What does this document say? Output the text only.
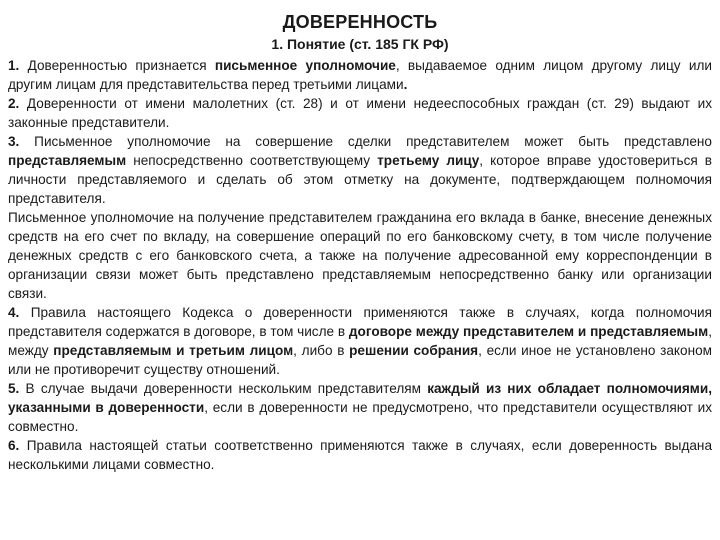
ДОВЕРЕННОСТЬ
1. Понятие (ст. 185 ГК РФ)

1. Доверенностью признается письменное уполномочие, выдаваемое одним лицом другому лицу или другим лицам для представительства перед третьими лицами.

2. Доверенности от имени малолетних (ст. 28) и от имени недееспособных граждан (ст. 29) выдают их законные представители.

3. Письменное уполномочие на совершение сделки представителем может быть представлено представляемым непосредственно соответствующему третьему лицу, которое вправе удостовериться в личности представляемого и сделать об этом отметку на документе, подтверждающем полномочия представителя.

Письменное уполномочие на получение представителем гражданина его вклада в банке, внесение денежных средств на его счет по вкладу, на совершение операций по его банковскому счету, в том числе получение денежных средств с его банковского счета, а также на получение адресованной ему корреспонденции в организации связи может быть представлено представляемым непосредственно банку или организации связи.

4. Правила настоящего Кодекса о доверенности применяются также в случаях, когда полномочия представителя содержатся в договоре, в том числе в договоре между представителем и представляемым, между представляемым и третьим лицом, либо в решении собрания, если иное не установлено законом или не противоречит существу отношений.

5. В случае выдачи доверенности нескольким представителям каждый из них обладает полномочиями, указанными в доверенности, если в доверенности не предусмотрено, что представители осуществляют их совместно.

6. Правила настоящей статьи соответственно применяются также в случаях, если доверенность выдана несколькими лицами совместно.
